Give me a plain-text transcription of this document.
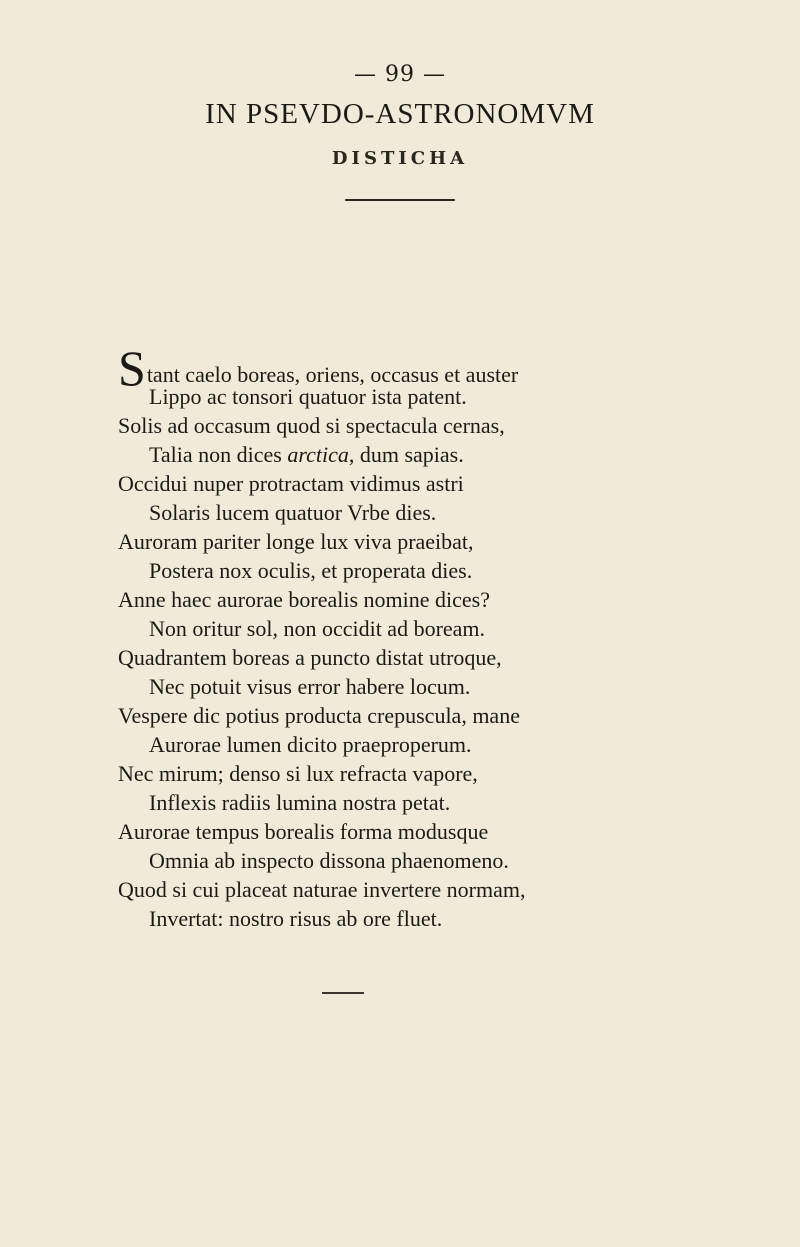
— 99 —
IN PSEVDO-ASTRONOMVM
DISTICHA
Stant caelo boreas, oriens, occasus et auster
Lippo ac tonsori quatuor ista patent.
Solis ad occasum quod si spectacula cernas,
Talia non dices arctica, dum sapias.
Occidui nuper protractam vidimus astri
Solaris lucem quatuor Vrbe dies.
Auroram pariter longe lux viva praeibat,
Postera nox oculis, et properata dies.
Anne haec aurorae borealis nomine dices?
Non oritur sol, non occidit ad boream.
Quadrantem boreas a puncto distat utroque,
Nec potuit visus error habere locum.
Vespere dic potius producta crepuscula, mane
Aurorae lumen dicito praeproperum.
Nec mirum; denso si lux refracta vapore,
Inflexis radiis lumina nostra petat.
Aurorae tempus borealis forma modusque
Omnia ab inspecto dissona phaenomeno.
Quod si cui placeat naturae invertere normam,
Invertat: nostro risus ab ore fluet.
